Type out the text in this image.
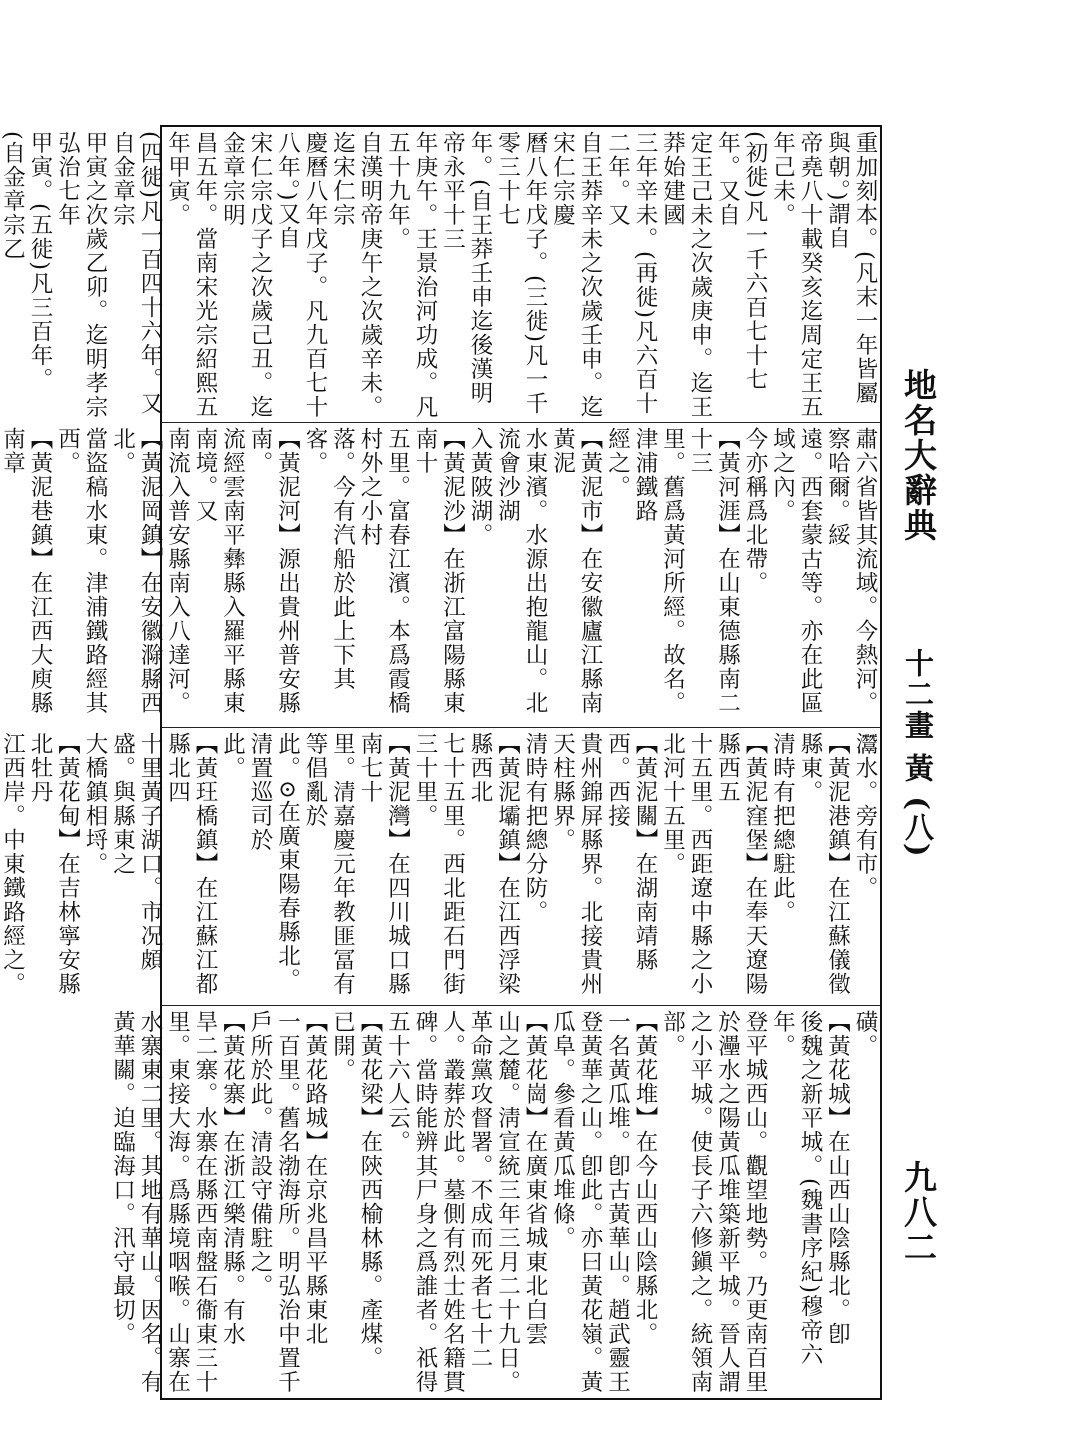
地名大辭典
十二畫 黃 (八)
九八二

重加刻本。(凡末一年皆屬與朝。)謂自

帝堯八十載癸亥迄周定王五年己未。

(初徙)凡一千六百七十七年。又自

定王己未之次歲庚申。迄王莽始建國

三年辛未。(再徙)凡六百十二年。又

自王莽辛未之次歲壬申。迄宋仁宗慶

曆八年戊子。(三徙)凡一千零三十七

年。(自王莽壬申迄後漢明帝永平十三

年庚午。王景治河功成。凡五十九年。

自漢明帝庚午之次歲辛未。迄宋仁宗

慶曆八年戊子。凡九百七十八年。)又自

宋仁宗戊子之次歲己丑。迄金章宗明

昌五年。當南宋光宗紹熙五年甲寅。

(四徙)凡一百四十六年。又自金章宗

甲寅之次歲乙卯。迄明孝宗弘治七年

甲寅。(五徙)凡三百年。(自金章宗乙

肅六省皆其流域。今熱河。察哈爾。綏

遠。西套蒙古等。亦在此區域之內。

今亦稱爲北帶。

【黃河涯】在山東德縣南二十三

里。舊爲黃河所經。故名。津浦鐵路

經之。

【黃泥市】在安徽廬江縣南黃泥

水東濱。水源出抱龍山。北流會沙湖

入黃陂湖。

【黃泥沙】在浙江富陽縣東南十

五里。富春江濱。本爲霞橋村外之小村

落。今有汽船於此上下其客。

【黃泥河】源出貴州普安縣南。

流經雲南平彝縣入羅平縣東南境。又

南流入普安縣南入八達河。

【黃泥岡鎮】在安徽滁縣西北。

當盜稿水東。津浦鐵路經其西。

【黃泥巷鎮】在江西大庾縣南章

灊水。旁有市。

【黃泥港鎮】在江蘇儀徵縣東。

清時有把總駐此。

【黃泥窪堡】在奉天遼陽縣西五

十五里。西距遼中縣之小北河十五里。

【黃泥關】在湖南靖縣西。西接

貴州錦屏縣界。北接貴州天柱縣界。

清時有把總分防。

【黃泥壩鎮】在江西浮梁縣西北

七十五里。西北距石門街三十里。

【黃泥灣】在四川城口縣南七十

里。清嘉慶元年教匪冨有等倡亂於

此。⊙在廣東陽春縣北。清置巡司於

此。

【黃玨橋鎮】在江蘇江都縣北四

十里黃子湖口。市况頗盛。與縣東之

大橋鎮相埒。

【黃花甸】在吉林寧安縣北牡丹

江西岸。中東鐵路經之。

磺。

【黃花城】在山西山陰縣北。卽

後魏之新平城。(魏書序紀)穆帝六年。

登平城西山。觀望地勢。乃更南百里

於灅水之陽黃瓜堆築新平城。晉人謂

之小平城。使長子六修鎭之。統領南

部。

【黃花堆】在今山西山陰縣北。

一名黃瓜堆。卽古黃華山。趙武靈王

登黃華之山。卽此。亦曰黃花嶺。黃

瓜阜。參看黃瓜堆條。

【黃花崗】在廣東省城東北白雲

山之麓。淸宣統三年三月二十九日。

革命黨攻督署。不成而死者七十二

人。叢葬於此。墓側有烈士姓名籍貫

碑。當時能辨其尸身之爲誰者。祇得

五十六人云。

【黃花梁】在陝西榆林縣。產煤。

已開。

【黃花路城】在京兆昌平縣東北

一百里。舊名渤海所。明弘治中置千

戶所於此。清設守備駐之。

【黃花寨】在浙江樂清縣。有水

旱二寨。水寨在縣西南盤石衞東三十

里。東接大海。爲縣境咽喉。山寨在

水寨東二里。其地有華山。因名。有

黃華關。迫臨海口。汛守最切。
